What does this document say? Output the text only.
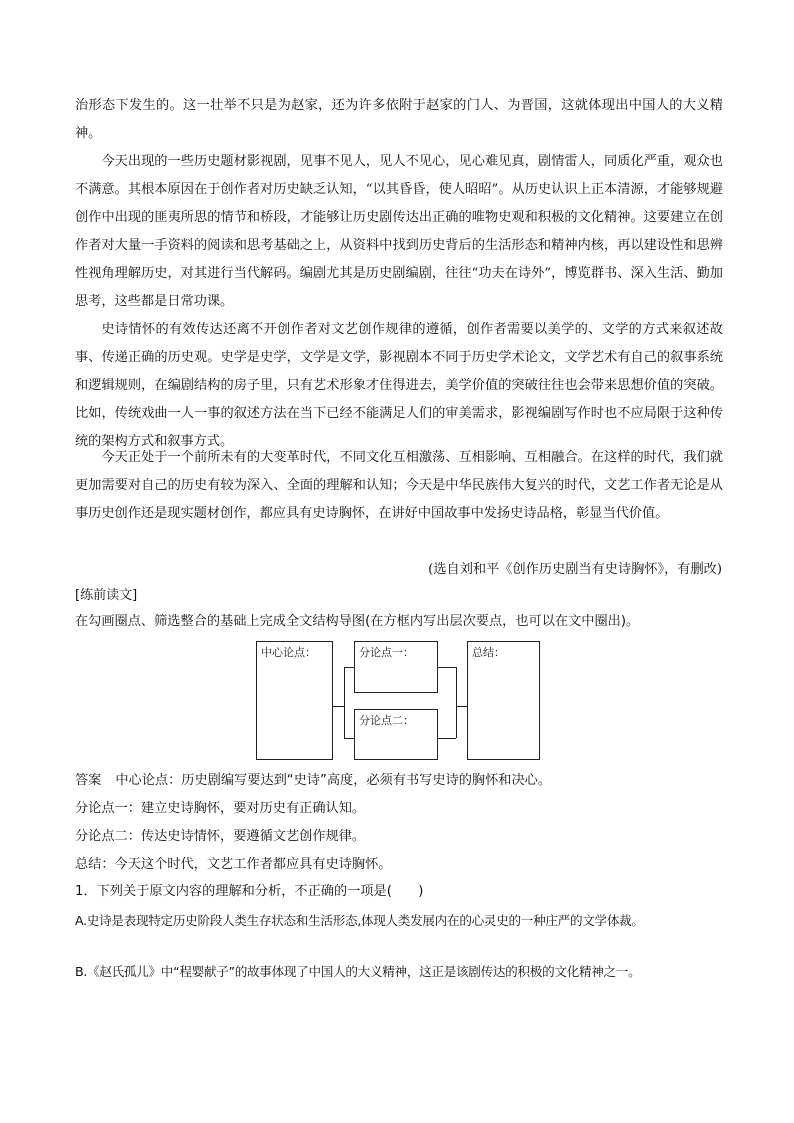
治形态下发生的。这一壮举不只是为赵家，还为许多依附于赵家的门人、为晋国，这就体现出中国人的大义精神。

今天出现的一些历史题材影视剧，见事不见人，见人不见心，见心难见真，剧情雷人，同质化严重，观众也不满意。其根本原因在于创作者对历史缺乏认知，“以其昏昏，使人昭昭”。从历史认识上正本清源，才能够规避创作中出现的匪夷所思的情节和桥段，才能够让历史剧传达出正确的唯物史观和积极的文化精神。这要建立在创作者对大量一手资料的阅读和思考基础之上，从资料中找到历史背后的生活形态和精神内核，再以建设性和思辨性视角理解历史，对其进行当代解码。编剧尤其是历史剧编剧，往往“功夫在诗外”，博览群书、深入生活、勤加思考，这些都是日常功课。

史诗情怀的有效传达还离不开创作者对文艺创作规律的遵循，创作者需要以美学的、文学的方式来叙述故事、传递正确的历史观。史学是史学，文学是文学，影视剧本不同于历史学术论文，文学艺术有自己的叙事系统和逻辑规则，在编剧结构的房子里，只有艺术形象才住得进去，美学价值的突破往往也会带来思想价值的突破。比如，传统戏曲一人一事的叙述方法在当下已经不能满足人们的审美需求，影视编剧写作时也不应局限于这种传统的架构方式和叙事方式。

今天正处于一个前所未有的大变革时代，不同文化互相激荡、互相影响、互相融合。在这样的时代，我们就更加需要对自己的历史有较为深入、全面的理解和认知；今天是中华民族伟大复兴的时代，文艺工作者无论是从事历史创作还是现实题材创作，都应具有史诗胸怀，在讲好中国故事中发扬史诗品格，彰显当代价值。

(选自刘和平《创作历史剧当有史诗胸怀》，有删改)
[练前读文]
在勾画圈点、筛选整合的基础上完成全文结构导图(在方框内写出层次要点，也可以在文中圈出)。
中心论点：	分论点一：
分论点二：
总结：
答案 中心论点：历史剧编写要达到“史诗”高度，必须有书写史诗的胸怀和决心。
分论点一：建立史诗胸怀，要对历史有正确认知。
分论点二：传达史诗情怀，要遵循文艺创作规律。
总结：今天这个时代，文艺工作者都应具有史诗胸怀。
1．下列关于原文内容的理解和分析，不正确的一项是(　　)
A.史诗是表现特定历史阶段人类生存状态和生活形态,体现人类发展内在的心灵史的一种庄严的文学体裁。
B.《赵氏孤儿》中“程婴献子”的故事体现了中国人的大义精神，这正是该剧传达的积极的文化精神之一。
